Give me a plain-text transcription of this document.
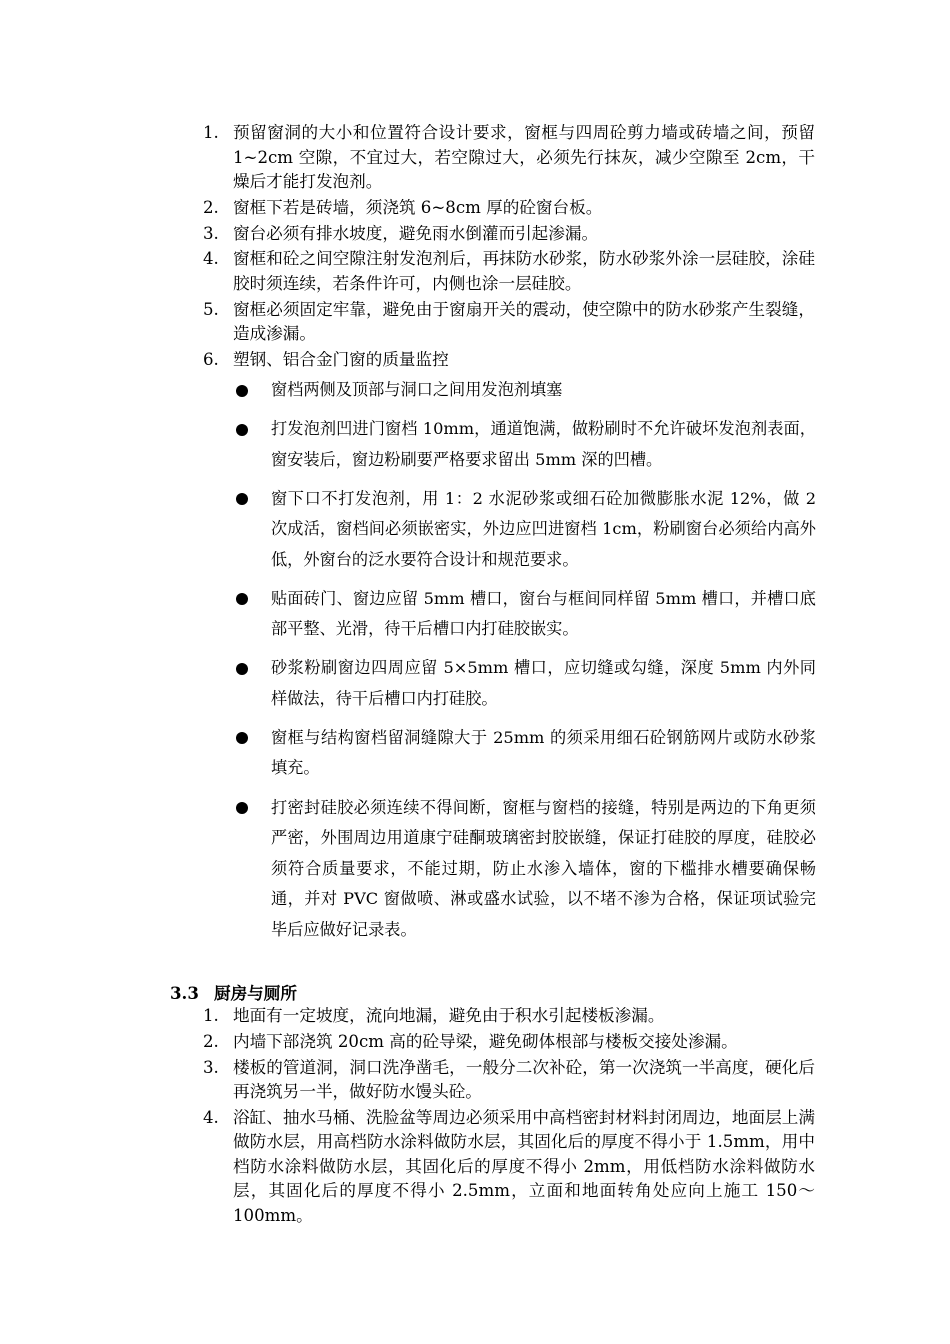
1. 预留窗洞的大小和位置符合设计要求，窗框与四周砼剪力墙或砖墙之间，预留 1~2cm 空隙，不宜过大，若空隙过大，必须先行抹灰，减少空隙至 2cm，干燥后才能打发泡剂。
2. 窗框下若是砖墙，须浇筑 6~8cm 厚的砼窗台板。
3. 窗台必须有排水坡度，避免雨水倒灌而引起渗漏。
4. 窗框和砼之间空隙注射发泡剂后，再抹防水砂浆，防水砂浆外涂一层硅胶，涂硅胶时须连续，若条件许可，内侧也涂一层硅胶。
5. 窗框必须固定牢靠，避免由于窗扇开关的震动，使空隙中的防水砂浆产生裂缝，造成渗漏。
6. 塑钢、铝合金门窗的质量监控
窗档两侧及顶部与洞口之间用发泡剂填塞
打发泡剂凹进门窗档 10mm，通道饱满，做粉刷时不允许破坏发泡剂表面，窗安装后，窗边粉刷要严格要求留出 5mm 深的凹槽。
窗下口不打发泡剂，用 1：2 水泥砂浆或细石砼加微膨胀水泥 12%，做 2 次成活，窗档间必须嵌密实，外边应凹进窗档 1cm，粉刷窗台必须给内高外低，外窗台的泛水要符合设计和规范要求。
贴面砖门、窗边应留 5mm 槽口，窗台与框间同样留 5mm 槽口，并槽口底部平整、光滑，待干后槽口内打硅胶嵌实。
砂浆粉刷窗边四周应留 5×5mm 槽口，应切缝或勾缝，深度 5mm 内外同样做法，待干后槽口内打硅胶。
窗框与结构窗档留洞缝隙大于 25mm 的须采用细石砼钢筋网片或防水砂浆填充。
打密封硅胶必须连续不得间断，窗框与窗档的接缝，特别是两边的下角更须严密，外围周边用道康宁硅酮玻璃密封胶嵌缝，保证打硅胶的厚度，硅胶必须符合质量要求，不能过期，防止水渗入墙体，窗的下槛排水槽要确保畅通，并对 PVC 窗做喷、淋或盛水试验，以不堵不渗为合格，保证项试验完毕后应做好记录表。
3.3 厨房与厕所
1. 地面有一定坡度，流向地漏，避免由于积水引起楼板渗漏。
2. 内墙下部浇筑 20cm 高的砼导梁，避免砌体根部与楼板交接处渗漏。
3. 楼板的管道洞，洞口洗净凿毛，一般分二次补砼，第一次浇筑一半高度，硬化后再浇筑另一半，做好防水馒头砼。
4. 浴缸、抽水马桶、洗脸盆等周边必须采用中高档密封材料封闭周边，地面层上满做防水层，用高档防水涂料做防水层，其固化后的厚度不得小于 1.5mm，用中档防水涂料做防水层，其固化后的厚度不得小 2mm，用低档防水涂料做防水层，其固化后的厚度不得小 2.5mm，立面和地面转角处应向上施工 150～100mm。
